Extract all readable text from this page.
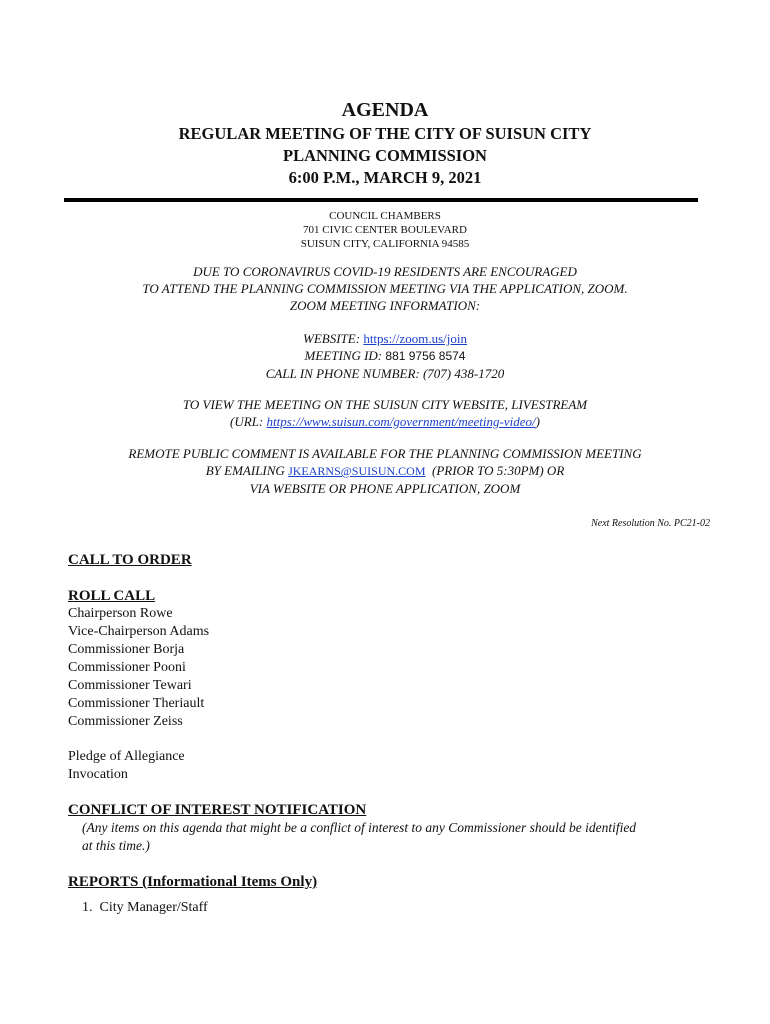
AGENDA
REGULAR MEETING OF THE CITY OF SUISUN CITY
PLANNING COMMISSION
6:00 P.M., MARCH 9, 2021
COUNCIL CHAMBERS
701 CIVIC CENTER BOULEVARD
SUISUN CITY, CALIFORNIA 94585
DUE TO CORONAVIRUS COVID-19 RESIDENTS ARE ENCOURAGED
TO ATTEND THE PLANNING COMMISSION MEETING VIA THE APPLICATION, ZOOM.
ZOOM MEETING INFORMATION:
WEBSITE: https://zoom.us/join
MEETING ID: 881 9756 8574
CALL IN PHONE NUMBER: (707) 438-1720
TO VIEW THE MEETING ON THE SUISUN CITY WEBSITE, LIVESTREAM
(URL: https://www.suisun.com/government/meeting-video/)
REMOTE PUBLIC COMMENT IS AVAILABLE FOR THE PLANNING COMMISSION MEETING
BY EMAILING JKEARNS@SUISUN.COM  (PRIOR TO 5:30PM) OR
VIA WEBSITE OR PHONE APPLICATION, ZOOM
Next Resolution No. PC21-02
CALL TO ORDER
ROLL CALL
Chairperson Rowe
Vice-Chairperson Adams
Commissioner Borja
Commissioner Pooni
Commissioner Tewari
Commissioner Theriault
Commissioner Zeiss
Pledge of Allegiance
Invocation
CONFLICT OF INTEREST NOTIFICATION
(Any items on this agenda that might be a conflict of interest to any Commissioner should be identified
at this time.)
REPORTS (Informational Items Only)
1.  City Manager/Staff
